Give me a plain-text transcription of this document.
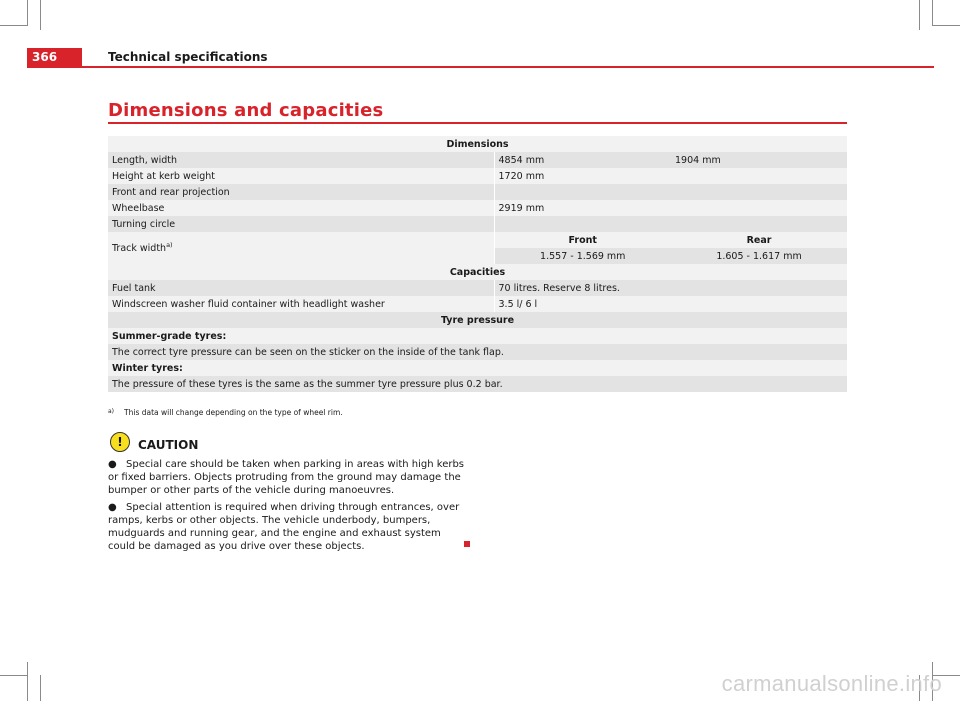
366	Technical specifications
Dimensions and capacities
Dimensions		
Length, width	4854 mm	1904 mm
Height at kerb weight	1720 mm	
Front and rear projection		
Wheelbase	2919 mm	
Turning circle		
Track width$^{a)}$	Front	Rear
	1.557 - 1.569 mm	1.605 - 1.617 mm
Capacities		
Fuel tank	70 litres. Reserve 8 litres.	
Windscreen washer fluid container with headlight washer	3.5 l/ 6 l	
Tyre pressure		
Summer-grade tyres:		
The correct tyre pressure can be seen on the sticker on the inside of the tank flap.		
Winter tyres:		
The pressure of these tyres is the same as the summer tyre pressure plus 0.2 bar.		
$^{a)}$ This data will change depending on the type of wheel rim.
!	CAUTION
● Special care should be taken when parking in areas with high kerbs or fixed barriers. Objects protruding from the ground may damage the bumper or other parts of the vehicle during manoeuvres.
● Special attention is required when driving through entrances, over ramps, kerbs or other objects. The vehicle underbody, bumpers, mudguards and running gear, and the engine and exhaust system could be damaged as you drive over these objects.
carmanualsonline.info
